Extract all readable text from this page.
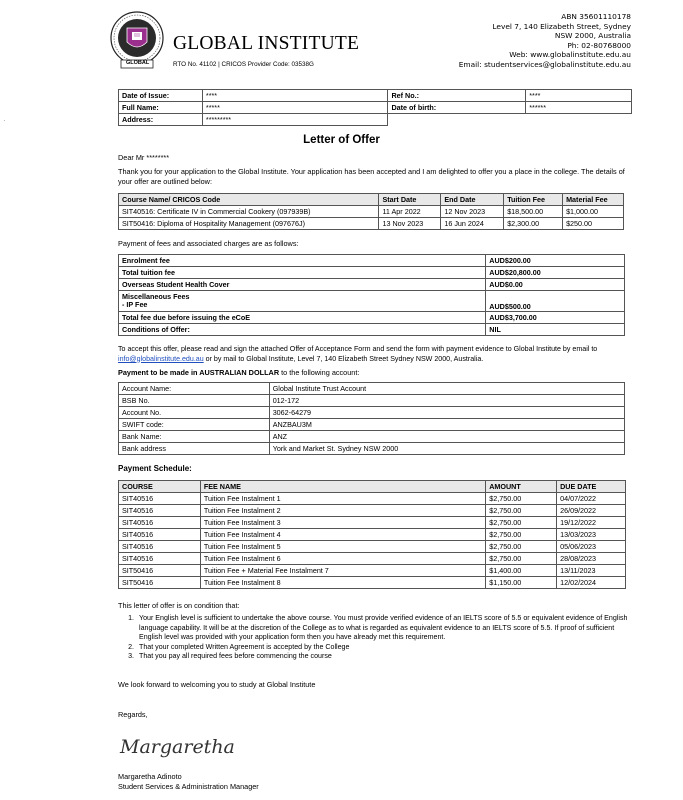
GLOBAL
GLOBAL INSTITUTE
RTO No. 41102 | CRICOS Provider Code: 03538G
ABN 35601110178
Level 7, 140 Elizabeth Street, Sydney
NSW 2000, Australia
Ph: 02-80768000
Web: www.globalinstitute.edu.au
Email: studentservices@globalinstitute.edu.au
·
Date of Issue:	****	Ref No.:	****
Full Name:	*****	Date of birth:	******
Address:	*********		
Letter of Offer
Dear Mr ********
Thank you for your application to the Global Institute. Your application has been accepted and I am delighted to offer you a place in the college. The details of your offer are outlined below:
Course Name/ CRICOS Code	Start Date	End Date	Tuition Fee	Material Fee
SIT40516: Certificate IV in Commercial Cookery (097939B)	11 Apr 2022	12 Nov 2023	$18,500.00	$1,000.00
SIT50416: Diploma of Hospitality Management (097676J)	13 Nov 2023	16 Jun 2024	$2,300.00	$250.00
Payment of fees and associated charges are as follows:
Enrolment fee	AUD$200.00
Total tuition fee	AUD$20,800.00
Overseas Student Health Cover	AUD$0.00

Miscellaneous Fees
- IP Fee	AUD$500.00
Total fee due before issuing the eCoE	AUD$3,700.00
Conditions of Offer:	NIL
To accept this offer, please read and sign the attached Offer of Acceptance Form and send the form with payment evidence to Global Institute by email to info@globalinstitute.edu.au or by mail to Global Institute, Level 7, 140 Elizabeth Street Sydney NSW 2000, Australia.
Payment to be made in AUSTRALIAN DOLLAR to the following account:
Account Name:	Global Institute Trust Account
BSB No.	012-172
Account No.	3062-64279
SWIFT code:	ANZBAU3M
Bank Name:	ANZ
Bank address	York and Market St. Sydney NSW 2000
Payment Schedule:
COURSE	FEE NAME	AMOUNT	DUE DATE
SIT40516	Tuition Fee Instalment 1	$2,750.00	04/07/2022
SIT40516	Tuition Fee Instalment 2	$2,750.00	26/09/2022
SIT40516	Tuition Fee Instalment 3	$2,750.00	19/12/2022
SIT40516	Tuition Fee Instalment 4	$2,750.00	13/03/2023
SIT40516	Tuition Fee Instalment 5	$2,750.00	05/06/2023
SIT40516	Tuition Fee Instalment 6	$2,750.00	28/08/2023
SIT50416	Tuition Fee + Material Fee Instalment 7	$1,400.00	13/11/2023
SIT50416	Tuition Fee Instalment 8	$1,150.00	12/02/2024
This letter of offer is on condition that:
1. Your English level is sufficient to undertake the above course. You must provide verified evidence of an IELTS score of 5.5 or equivalent evidence of English language capability. It will be at the discretion of the College as to what is regarded as equivalent evidence to an IELTS score of 5.5. If proof of sufficient English level was provided with your application form then you have already met this requirement.
2. That your completed Written Agreement is accepted by the College
3. That you pay all required fees before commencing the course
We look forward to welcoming you to study at Global Institute
Regards,
Margaretha
Margaretha Adinoto
Student Services & Administration Manager
